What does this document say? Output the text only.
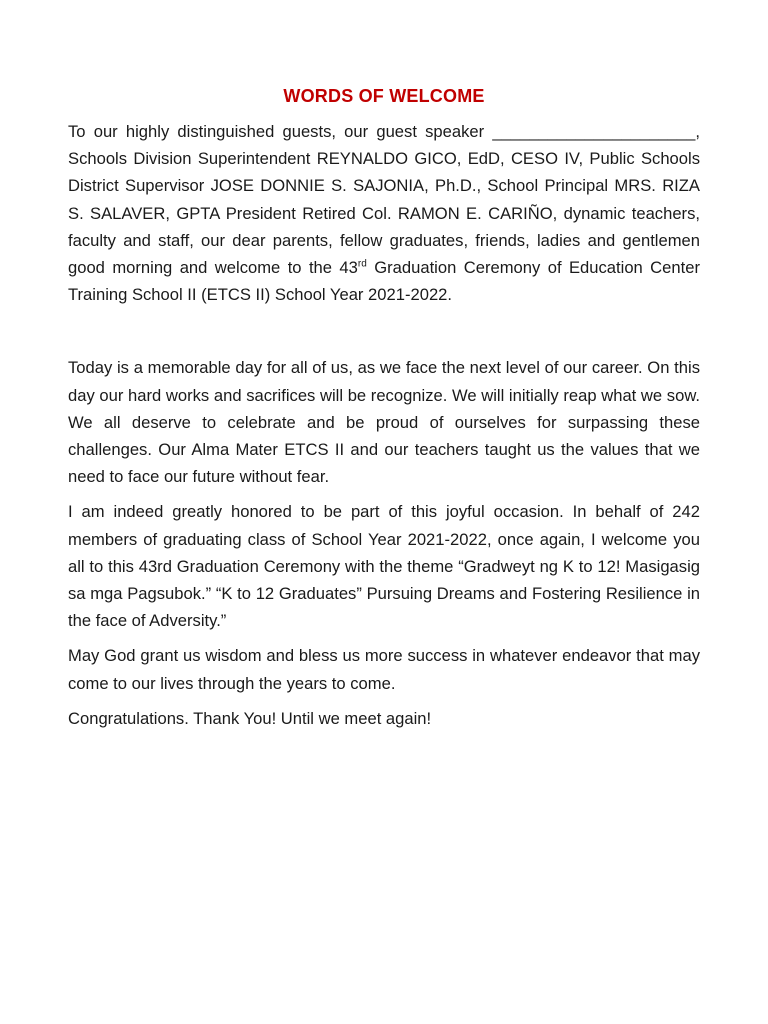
WORDS OF WELCOME

To our highly distinguished guests, our guest speaker ______________________, Schools Division Superintendent REYNALDO GICO, EdD, CESO IV, Public Schools District Supervisor JOSE DONNIE S. SAJONIA, Ph.D., School Principal MRS. RIZA S. SALAVER, GPTA President Retired Col. RAMON E. CARIÑO, dynamic teachers, faculty and staff, our dear parents, fellow graduates, friends, ladies and gentlemen good morning and welcome to the 43rd Graduation Ceremony of Education Center Training School II (ETCS II) School Year 2021-2022.

Today is a memorable day for all of us, as we face the next level of our career. On this day our hard works and sacrifices will be recognize. We will initially reap what we sow. We all deserve to celebrate and be proud of ourselves for surpassing these challenges. Our Alma Mater ETCS II and our teachers taught us the values that we need to face our future without fear.

I am indeed greatly honored to be part of this joyful occasion. In behalf of 242 members of graduating class of School Year 2021-2022, once again, I welcome you all to this 43rd Graduation Ceremony with the theme “Gradweyt ng K to 12! Masigasig sa mga Pagsubok.” “K to 12 Graduates” Pursuing Dreams and Fostering Resilience in the face of Adversity.”

May God grant us wisdom and bless us more success in whatever endeavor that may come to our lives through the years to come.

Congratulations. Thank You! Until we meet again!
